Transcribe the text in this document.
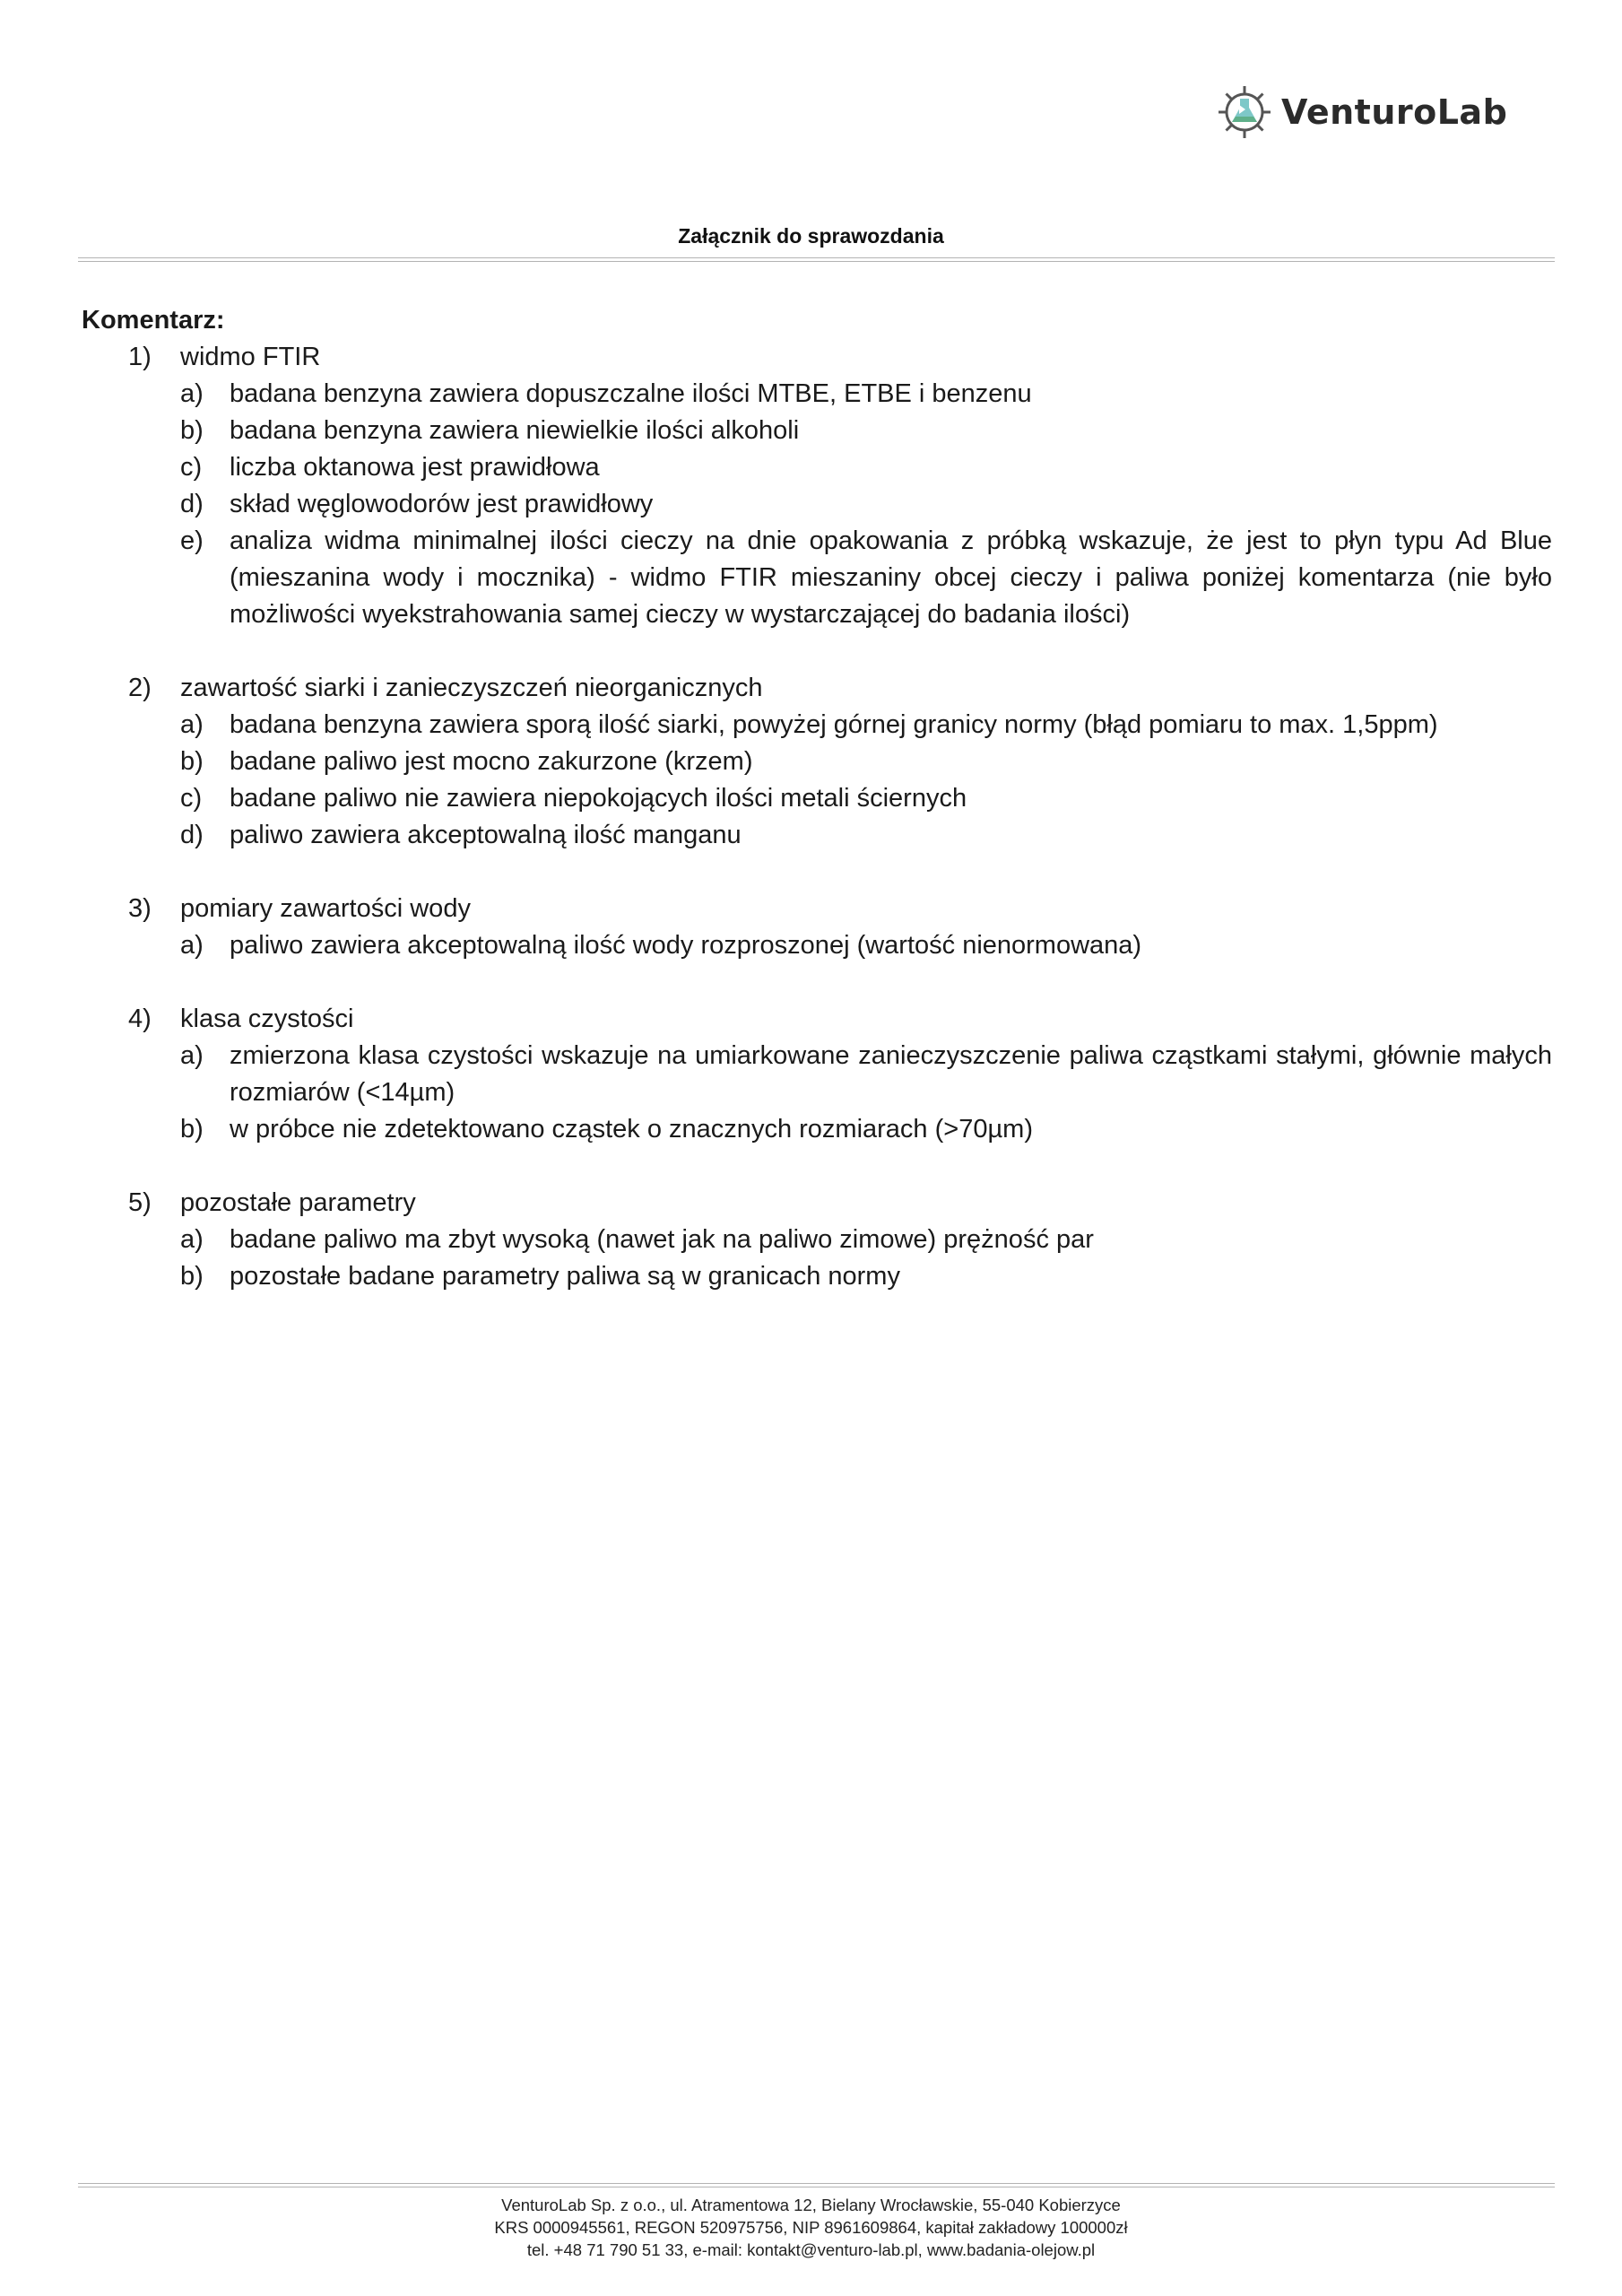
VenturoLab
Załącznik do sprawozdania
Komentarz:
1) widmo FTIR
a) badana benzyna zawiera dopuszczalne ilości MTBE, ETBE i benzenu
b) badana benzyna zawiera niewielkie ilości alkoholi
c) liczba oktanowa jest prawidłowa
d) skład węglowodorów jest prawidłowy
e) analiza widma minimalnej ilości cieczy na dnie opakowania z próbką wskazuje, że jest to płyn typu Ad Blue (mieszanina wody i mocznika) - widmo FTIR mieszaniny obcej cieczy i paliwa poniżej komentarza (nie było możliwości wyekstrahowania samej cieczy w wystarczającej do badania ilości)
2) zawartość siarki i zanieczyszczeń nieorganicznych
a) badana benzyna zawiera sporą ilość siarki, powyżej górnej granicy normy (błąd pomiaru to max. 1,5ppm)
b) badane paliwo jest mocno zakurzone (krzem)
c) badane paliwo nie zawiera niepokojących ilości metali ściernych
d) paliwo zawiera akceptowalną ilość manganu
3) pomiary zawartości wody
a) paliwo zawiera akceptowalną ilość wody rozproszonej (wartość nienormowana)
4) klasa czystości
a) zmierzona klasa czystości wskazuje na umiarkowane zanieczyszczenie paliwa cząstkami stałymi, głównie małych rozmiarów (<14µm)
b) w próbce nie zdetektowano cząstek o znacznych rozmiarach (>70µm)
5) pozostałe parametry
a) badane paliwo ma zbyt wysoką (nawet jak na paliwo zimowe) prężność par
b) pozostałe badane parametry paliwa są w granicach normy
VenturoLab Sp. z o.o., ul. Atramentowa 12, Bielany Wrocławskie, 55-040 Kobierzyce
KRS 0000945561, REGON 520975756, NIP 8961609864, kapitał zakładowy 100000zł
tel. +48 71 790 51 33, e-mail: kontakt@venturo-lab.pl, www.badania-olejow.pl
